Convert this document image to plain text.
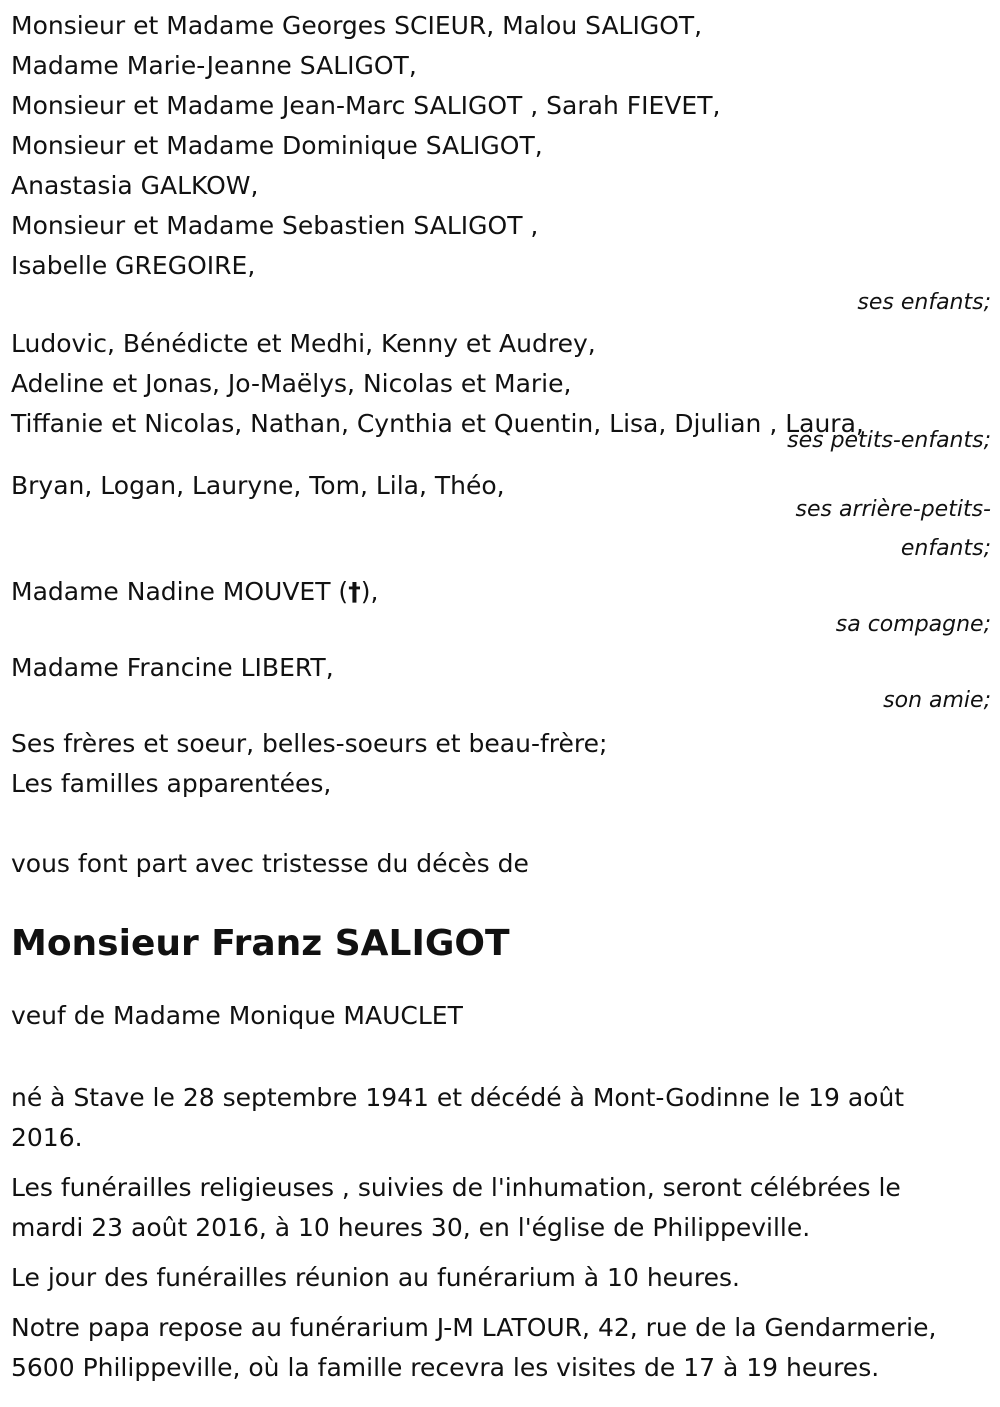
Monsieur et Madame Georges SCIEUR, Malou SALIGOT,
Madame Marie-Jeanne SALIGOT,
Monsieur et Madame Jean-Marc SALIGOT , Sarah FIEVET,
Monsieur et Madame Dominique SALIGOT,
Anastasia GALKOW,
Monsieur et Madame Sebastien SALIGOT ,
Isabelle GREGOIRE,
ses enfants;
Ludovic, Bénédicte et Medhi, Kenny et Audrey,
Adeline et Jonas, Jo-Maëlys, Nicolas et Marie,
Tiffanie et Nicolas, Nathan, Cynthia et Quentin, Lisa, Djulian , Laura,
ses petits-enfants;
Bryan, Logan, Lauryne, Tom, Lila, Théo,
ses arrière-petits-
enfants;
Madame Nadine MOUVET (†),
sa compagne;
Madame Francine LIBERT,
son amie;
Ses frères et soeur, belles-soeurs et beau-frère;
Les familles apparentées,
vous font part avec tristesse du décès de
Monsieur Franz SALIGOT
veuf de Madame Monique MAUCLET
né à Stave le 28 septembre 1941 et décédé à Mont-Godinne le 19 août 2016.
Les funérailles religieuses , suivies de l'inhumation, seront célébrées le mardi 23 août 2016, à 10 heures 30, en l'église de Philippeville.
Le jour des funérailles réunion au funérarium à 10 heures.
Notre papa repose au funérarium J-M LATOUR, 42, rue de la Gendarmerie, 5600 Philippeville, où la famille recevra les visites de 17 à 19 heures.
